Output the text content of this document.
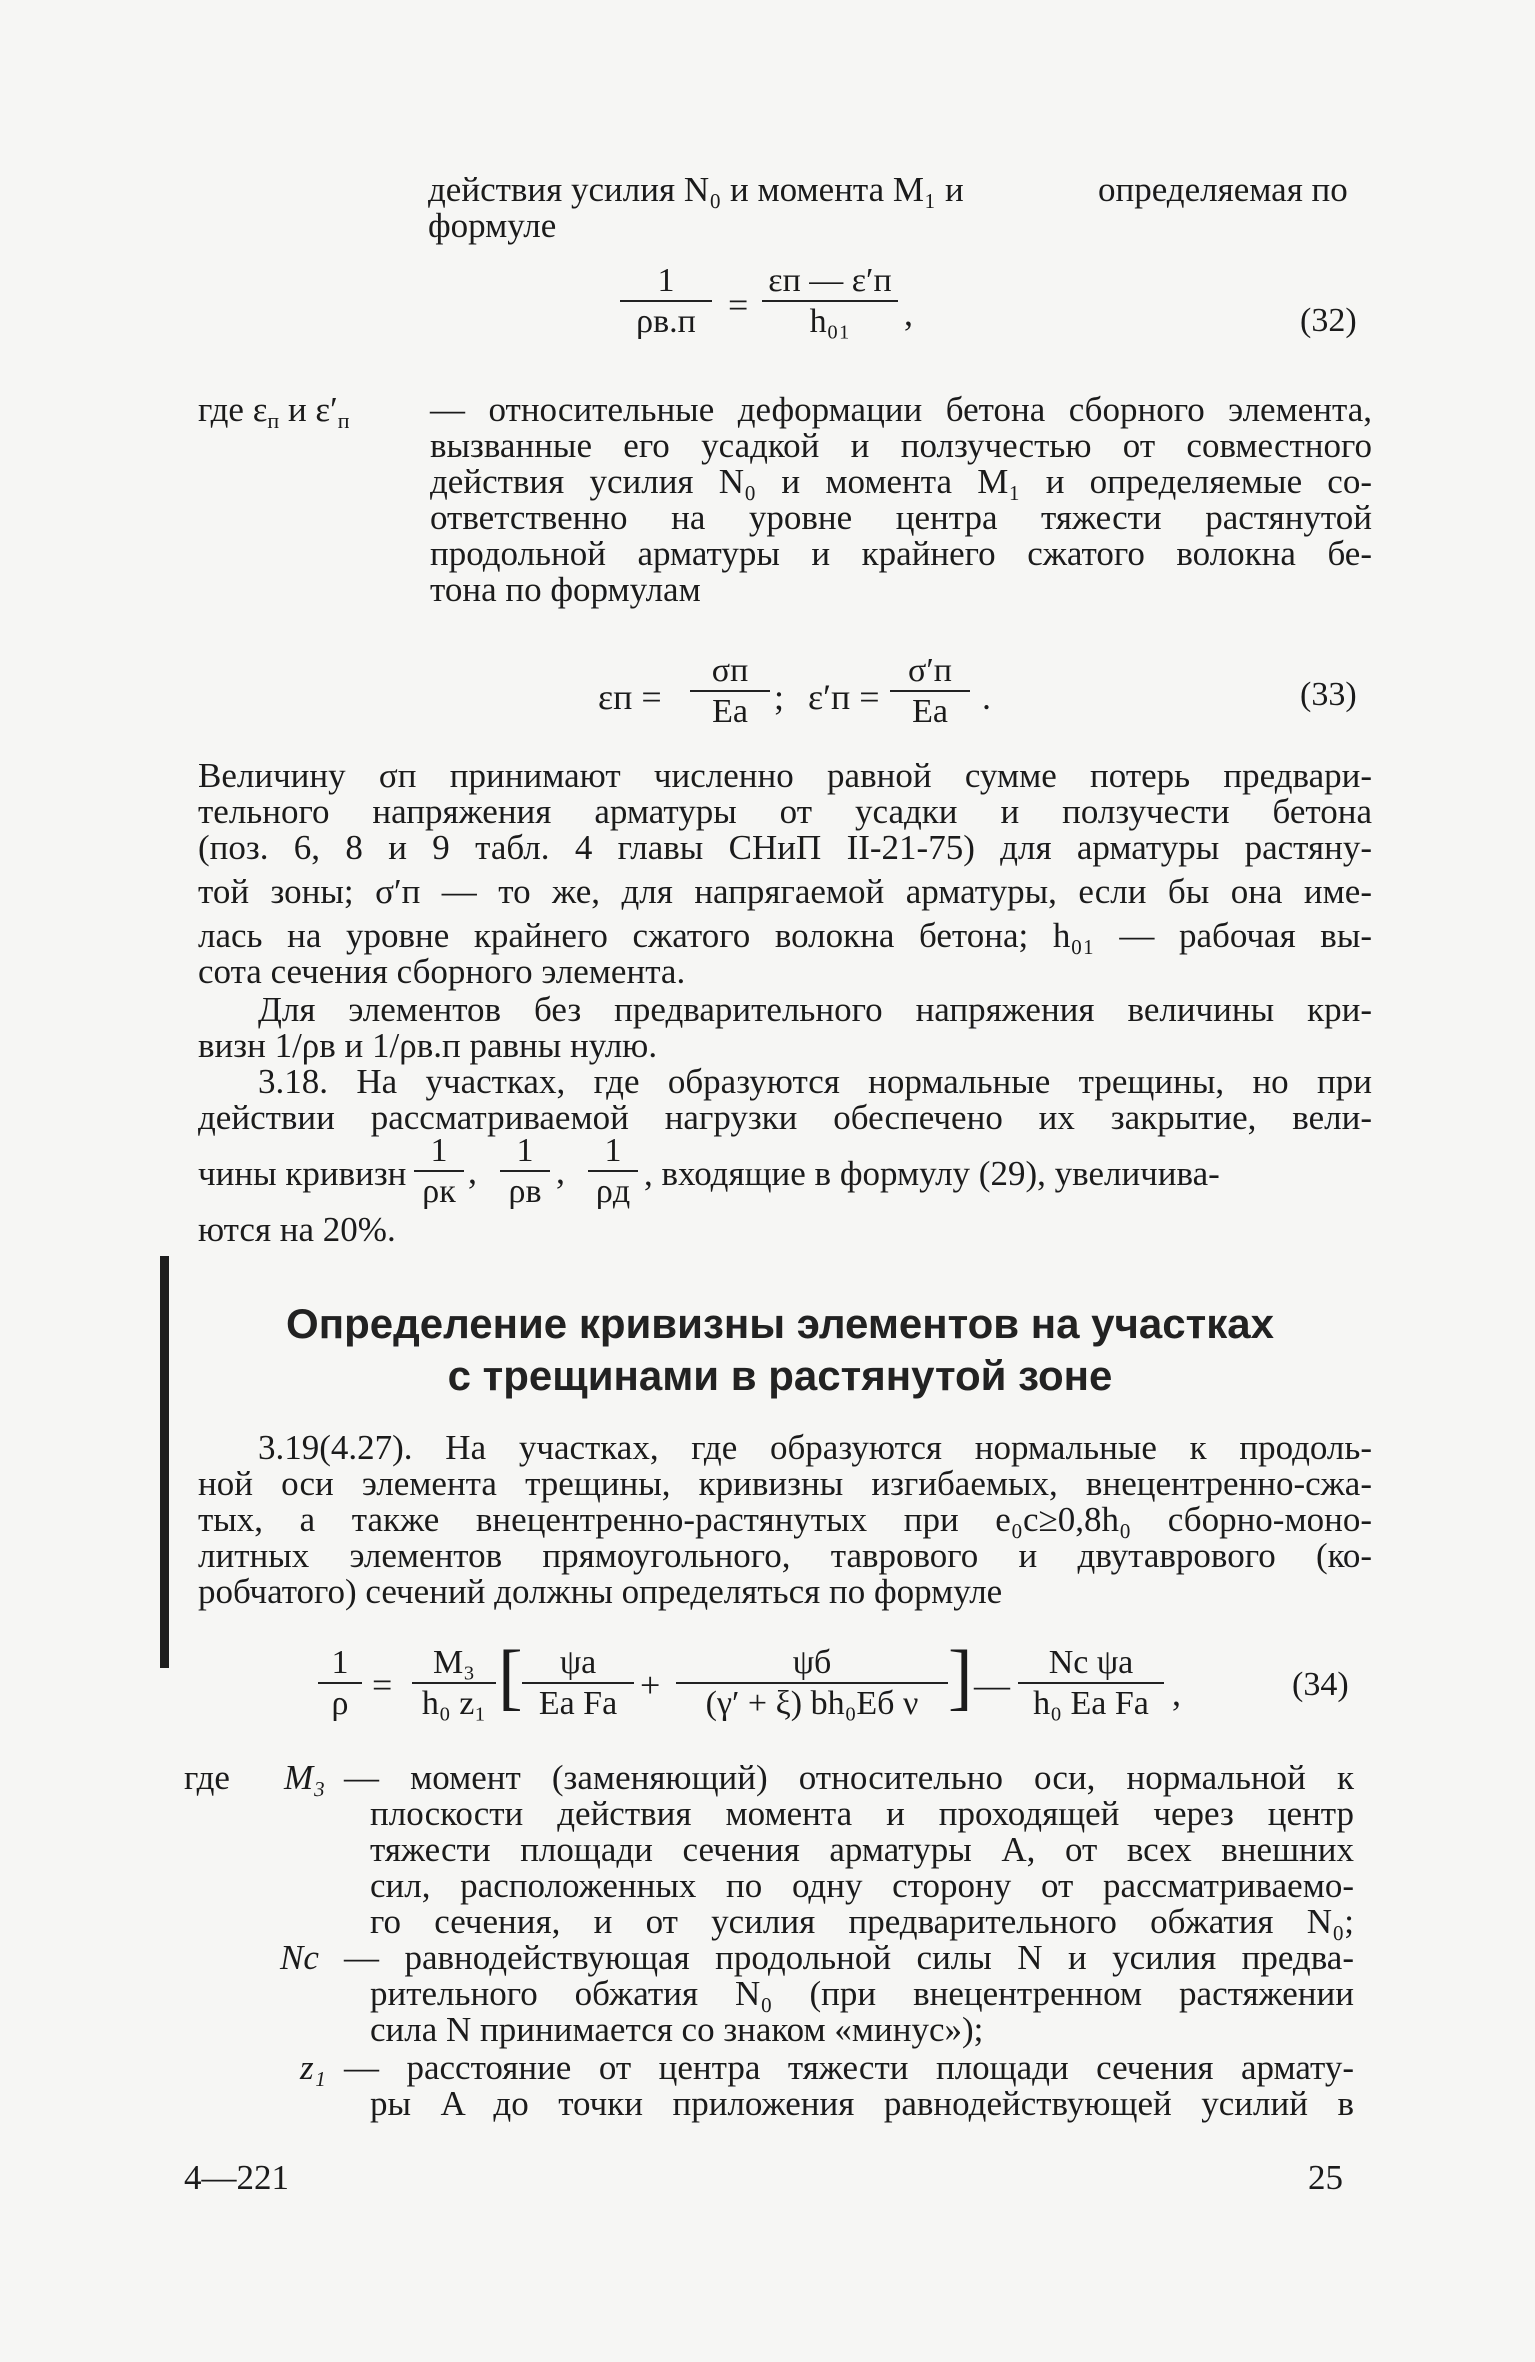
действия усилия N₀ и момента M₁ и	определяемая по
формуле
1
ρв.п =
εп — ε′п
h₀₁	,	(32)
где $\varepsilon_п$ и $\varepsilon'_п$ — относительные деформации бетона сборного элемента,
вызванные его усадкой и ползучестью от совместного
действия усилия N₀ и момента M₁ и определяемые со-
ответственно на уровне центра тяжести растянутой
продольной арматуры и крайнего сжатого волокна бе-
тона по формулам
εп =
σп
Ea ; ε′п =
σ′п
Ea .	(33)
Величину σп принимают численно равной сумме потерь предвари-
тельного напряжения арматуры от усадки и ползучести бетона
(поз. 6, 8 и 9 табл. 4 главы СНиП II-21-75) для арматуры растяну-
той зоны; σ′п — то же, для напрягаемой арматуры, если бы она име-
лась на уровне крайнего сжатого волокна бетона; h₀₁ — рабочая вы-
сота сечения сборного элемента.
Для элементов без предварительного напряжения величины кри-
визн 1/ρв и 1/ρв.п равны нулю.
3.18. На участках, где образуются нормальные трещины, но при
действии рассматриваемой нагрузки обеспечено их закрытие, вели-
чины кривизн
1
ρк
,
1
ρв
,
1
ρд , входящие в формулу (29), увеличива-
ются на 20%.
Определение кривизны элементов на участках
с трещинами в растянутой зоне
3.19(4.27). На участках, где образуются нормальные к продоль-
ной оси элемента трещины, кривизны изгибаемых, внецентренно-сжа-
тых, а также внецентренно-растянутых при e₀c≥0,8h₀ сборно-моно-
литных элементов прямоугольного, таврового и двутаврового (ко-
робчатого) сечений должны определяться по формуле
$\frac{1}{\rho} = \frac{\text{M₃}}{\text{h₀ z₁}}$ [ $\frac{\psi a}{\text{Ea Fa}}$ +
ψб
(γ′ + ξ) bh₀Eб ν ] — $\frac{\text{Nc ψa}}{\text{h₀ Ea Fa}}$ ,	(34)
где M₃ — момент (заменяющий) относительно оси, нормальной к
плоскости действия момента и проходящей через центр
тяжести площади сечения арматуры A, от всех внешних
сил, расположенных по одну сторону от рассматриваемо-
го сечения, и от усилия предварительного обжатия N₀;
Nc — равнодействующая продольной силы N и усилия предва-
рительного обжатия N₀ (при внецентренном растяжении
сила N принимается со знаком «минус»);
z₁ — расстояние от центра тяжести площади сечения армату-
ры A до точки приложения равнодействующей усилий в
4—221	25
